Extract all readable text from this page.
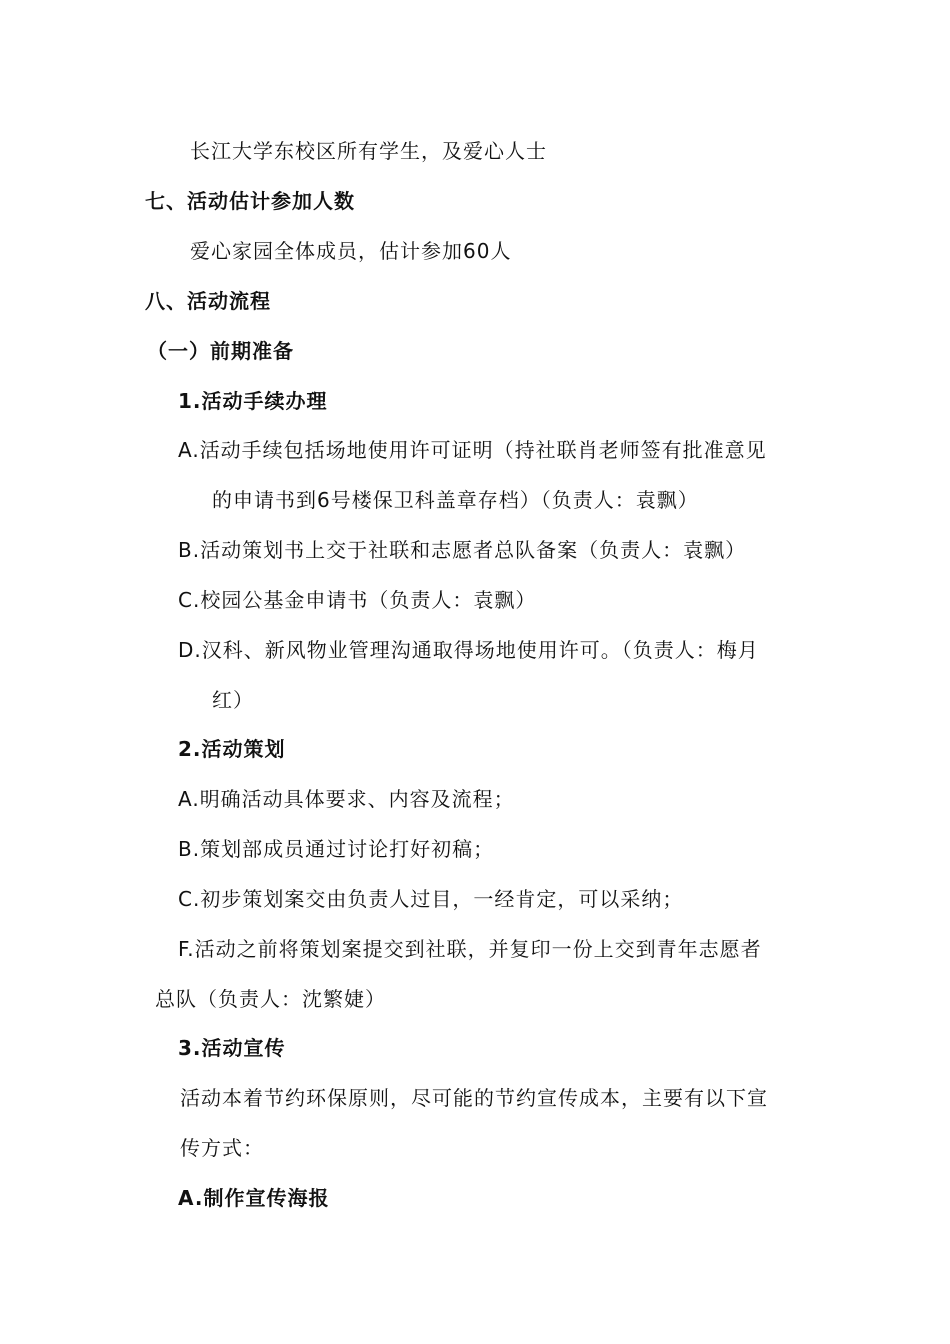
长江大学东校区所有学生，及爱心人士
七、活动估计参加人数
爱心家园全体成员，估计参加60人
八、活动流程
（一）前期准备
1.活动手续办理
A.活动手续包括场地使用许可证明（持社联肖老师签有批准意见
的申请书到6号楼保卫科盖章存档）（负责人：袁飘）
B.活动策划书上交于社联和志愿者总队备案（负责人：袁飘）
C.校园公基金申请书（负责人：袁飘）
D.汉科、新风物业管理沟通取得场地使用许可。（负责人：梅月
红）
2.活动策划
A.明确活动具体要求、内容及流程；
B.策划部成员通过讨论打好初稿；
C.初步策划案交由负责人过目，一经肯定，可以采纳；
F.活动之前将策划案提交到社联，并复印一份上交到青年志愿者
总队（负责人：沈繁婕）
3.活动宣传
活动本着节约环保原则，尽可能的节约宣传成本，主要有以下宣
传方式：
A.制作宣传海报
